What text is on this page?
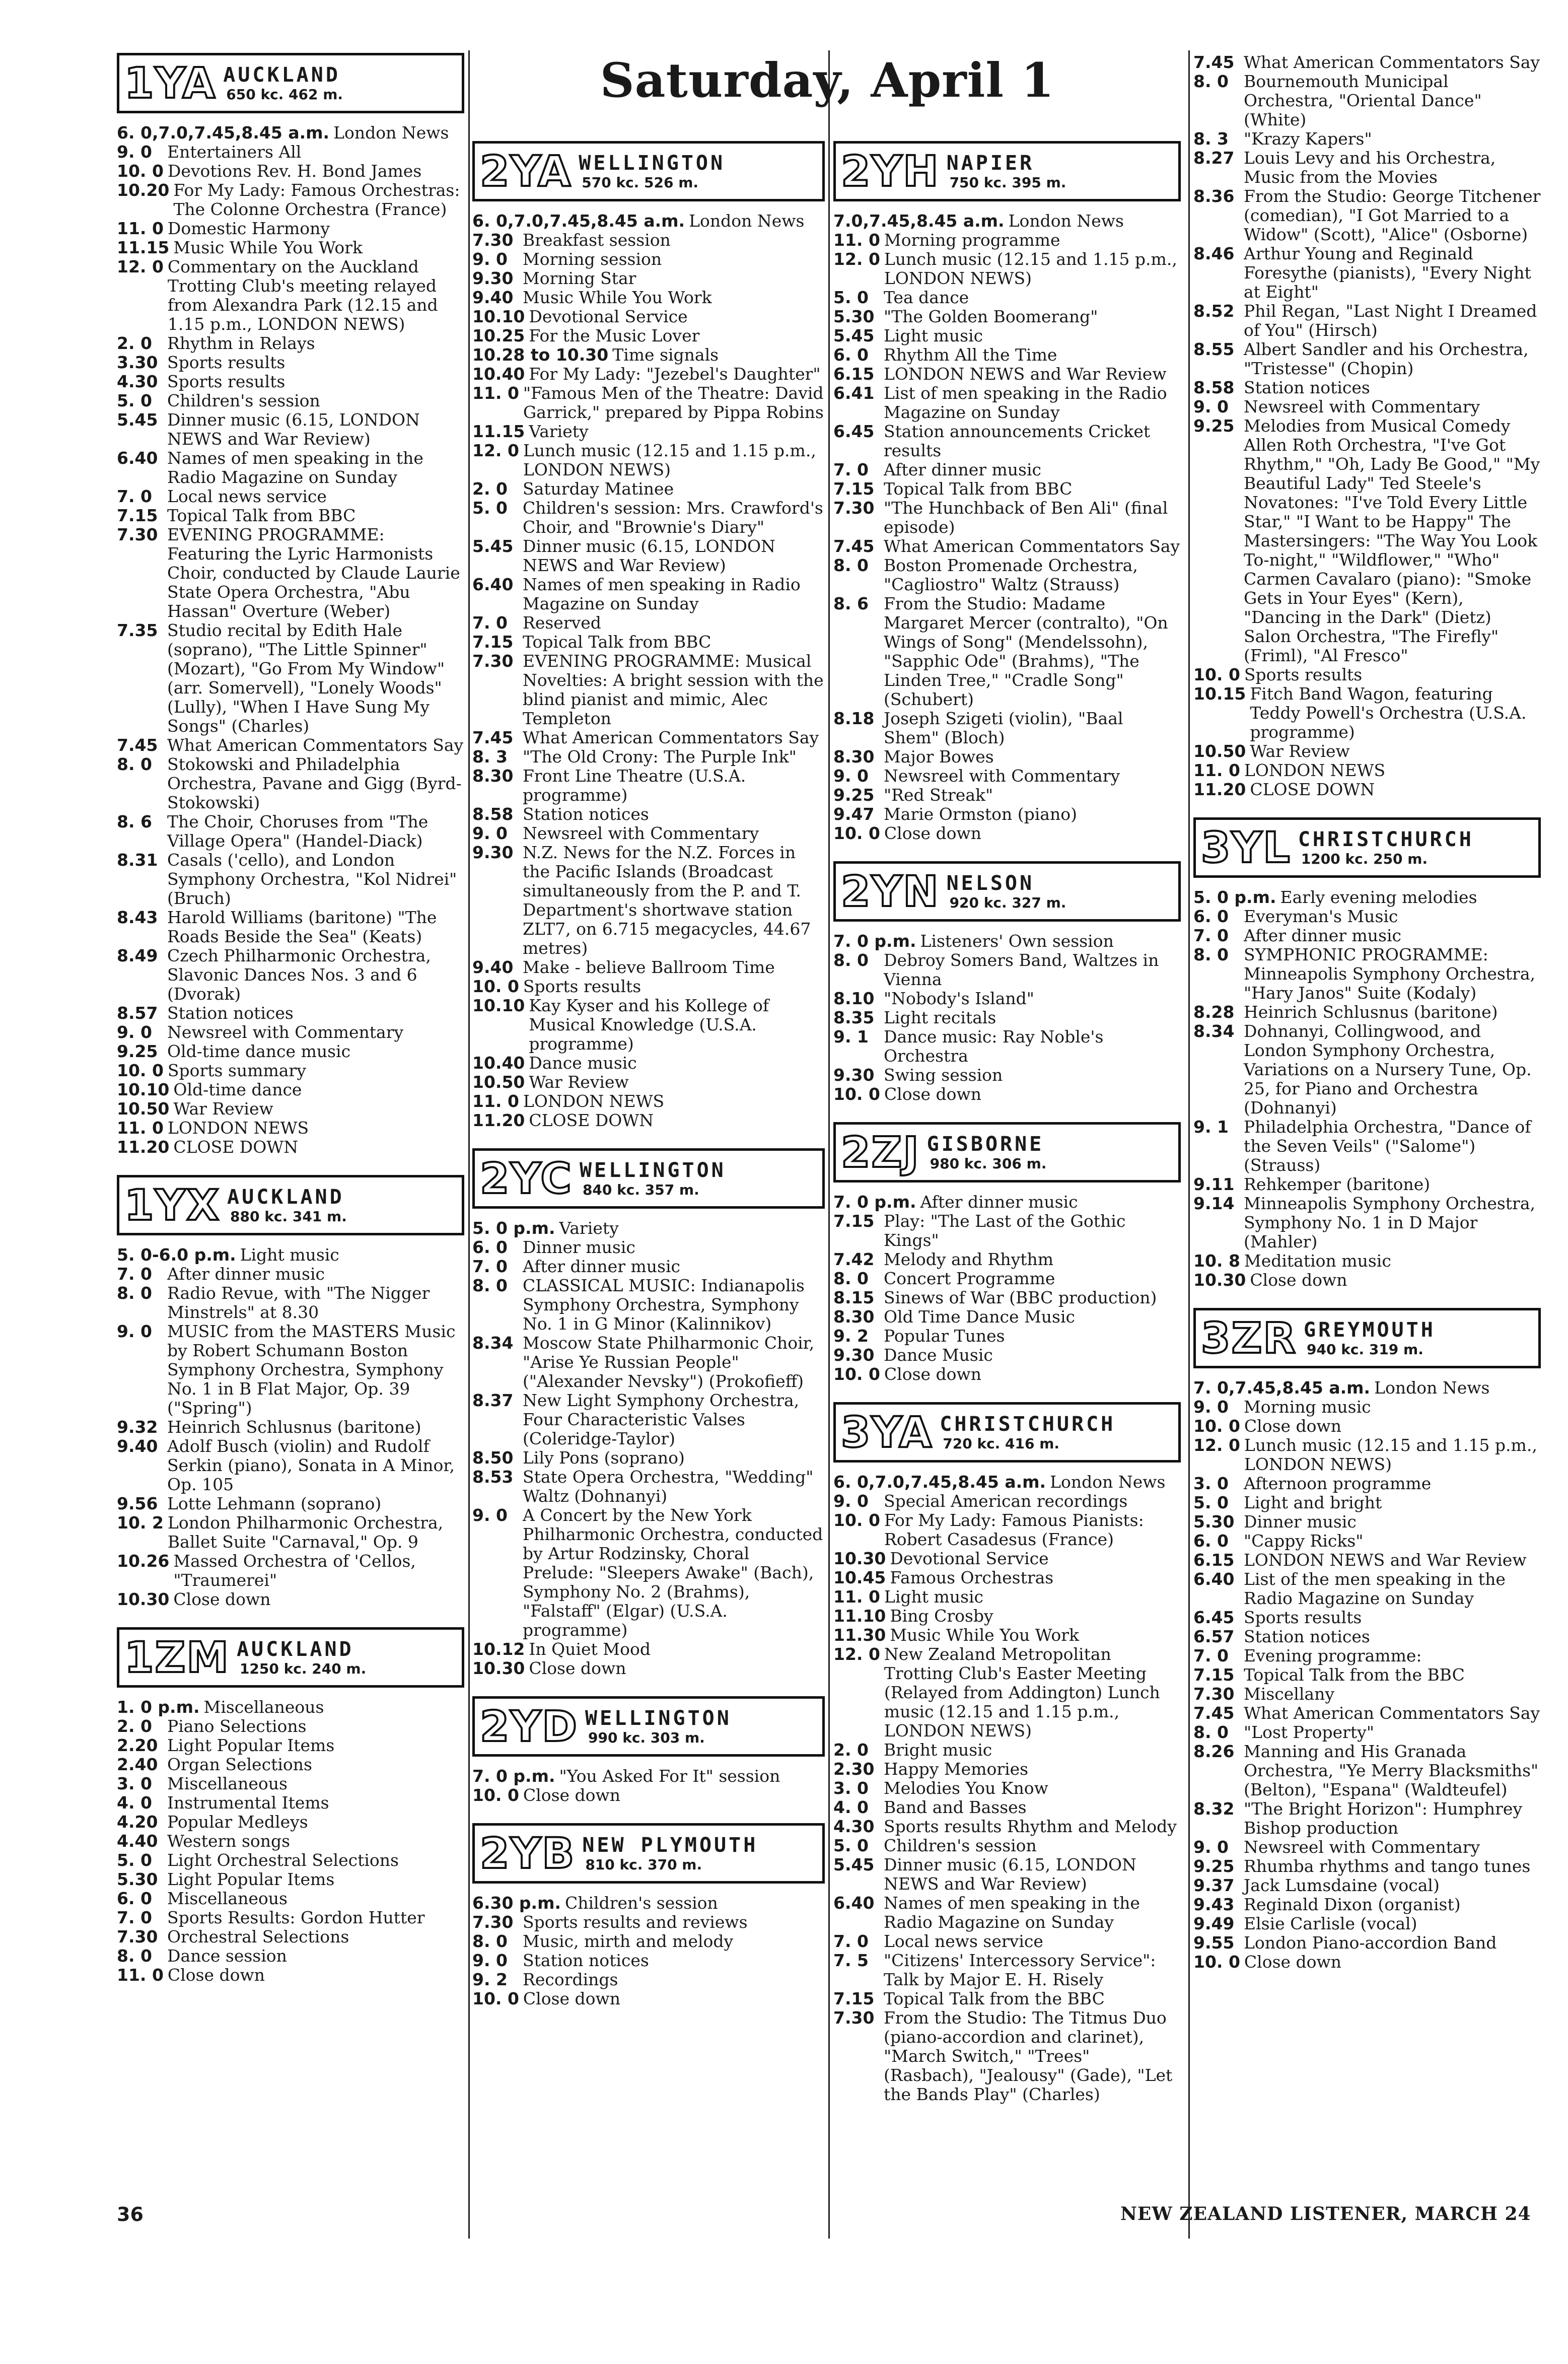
Saturday, April 1
1YA AUCKLAND
650 kc. 462 m.
6. 0,7.0,7.45,8.45 a.m. London News
9. 0 Entertainers All
10. 0 Devotions Rev. H. Bond James
10.20 For My Lady: Famous Orchestras: The Colonne Orchestra (France)
11. 0 Domestic Harmony
11.15 Music While You Work
12. 0 Commentary on the Auckland Trotting Club's meeting relayed from Alexandra Park (12.15 and 1.15 p.m., LONDON NEWS)
2. 0 Rhythm in Relays
3.30 Sports results
4.30 Sports results
5. 0 Children's session
5.45 Dinner music (6.15, LONDON NEWS and War Review)
6.40 Names of men speaking in the Radio Magazine on Sunday
7. 0 Local news service
7.15 Topical Talk from BBC
7.30 EVENING PROGRAMME: Featuring the Lyric Harmonists Choir, conducted by Claude Laurie
State Opera Orchestra, "Abu Hassan" Overture (Weber)
7.35 Studio recital by Edith Hale (soprano), "The Little Spinner" (Mozart), "Go From My Window" (arr. Somervell), "Lonely Woods" (Lully), "When I Have Sung My Songs" (Charles)
7.45 What American Commentators Say
8. 0 Stokowski and Philadelphia Orchestra, Pavane and Gigg (Byrd-Stokowski)
8. 6 The Choir, Choruses from "The Village Opera" (Handel-Diack)
8.31 Casals ('cello), and London Symphony Orchestra, "Kol Nidrei" (Bruch)
8.43 Harold Williams (baritone) "The Roads Beside the Sea" (Keats)
8.49 Czech Philharmonic Orchestra, Slavonic Dances Nos. 3 and 6 (Dvorak)
8.57 Station notices
9. 0 Newsreel with Commentary
9.25 Old-time dance music
10. 0 Sports summary
10.10 Old-time dance
10.50 War Review
11. 0 LONDON NEWS
11.20 CLOSE DOWN
1YX AUCKLAND
880 kc. 341 m.
5. 0-6.0 p.m. Light music
7. 0 After dinner music
8. 0 Radio Revue, with "The Nigger Minstrels" at 8.30
9. 0 MUSIC from the MASTERS Music by Robert Schumann Boston Symphony Orchestra, Symphony No. 1 in B Flat Major, Op. 39 ("Spring")
9.32 Heinrich Schlusnus (baritone)
9.40 Adolf Busch (violin) and Rudolf Serkin (piano), Sonata in A Minor, Op. 105
9.56 Lotte Lehmann (soprano)
10. 2 London Philharmonic Orchestra, Ballet Suite "Carnaval," Op. 9
10.26 Massed Orchestra of 'Cellos, "Traumerei"
10.30 Close down
1ZM AUCKLAND
1250 kc. 240 m.
1. 0 p.m. Miscellaneous
2. 0 Piano Selections
2.20 Light Popular Items
2.40 Organ Selections
3. 0 Miscellaneous
4. 0 Instrumental Items
4.20 Popular Medleys
4.40 Western songs
5. 0 Light Orchestral Selections
5.30 Light Popular Items
6. 0 Miscellaneous
7. 0 Sports Results: Gordon Hutter
7.30 Orchestral Selections
8. 0 Dance session
11. 0 Close down
2YA WELLINGTON
570 kc. 526 m.
6. 0,7.0,7.45,8.45 a.m. London News
7.30 Breakfast session
9. 0 Morning session
9.30 Morning Star
9.40 Music While You Work
10.10 Devotional Service
10.25 For the Music Lover
10.28 to 10.30 Time signals
10.40 For My Lady: "Jezebel's Daughter"
11. 0 "Famous Men of the Theatre: David Garrick," prepared by Pippa Robins
11.15 Variety
12. 0 Lunch music (12.15 and 1.15 p.m., LONDON NEWS)
2. 0 Saturday Matinee
5. 0 Children's session: Mrs. Crawford's Choir, and "Brownie's Diary"
5.45 Dinner music (6.15, LONDON NEWS and War Review)
6.40 Names of men speaking in Radio Magazine on Sunday
7. 0 Reserved
7.15 Topical Talk from BBC
7.30 EVENING PROGRAMME: Musical Novelties: A bright session with the blind pianist and mimic, Alec Templeton
7.45 What American Commentators Say
8. 3 "The Old Crony: The Purple Ink"
8.30 Front Line Theatre (U.S.A. programme)
8.58 Station notices
9. 0 Newsreel with Commentary
9.30 N.Z. News for the N.Z. Forces in the Pacific Islands (Broadcast simultaneously from the P. and T. Department's shortwave station ZLT7, on 6.715 megacycles, 44.67 metres)
9.40 Make - believe Ballroom Time
10. 0 Sports results
10.10 Kay Kyser and his Kollege of Musical Knowledge (U.S.A. programme)
10.40 Dance music
10.50 War Review
11. 0 LONDON NEWS
11.20 CLOSE DOWN
2YC WELLINGTON
840 kc. 357 m.
5. 0 p.m. Variety
6. 0 Dinner music
7. 0 After dinner music
8. 0 CLASSICAL MUSIC: Indianapolis Symphony Orchestra, Symphony No. 1 in G Minor (Kalinnikov)
8.34 Moscow State Philharmonic Choir, "Arise Ye Russian People" ("Alexander Nevsky") (Prokofieff)
8.37 New Light Symphony Orchestra, Four Characteristic Valses (Coleridge-Taylor)
8.50 Lily Pons (soprano)
8.53 State Opera Orchestra, "Wedding" Waltz (Dohnanyi)
9. 0 A Concert by the New York Philharmonic Orchestra, conducted by Artur Rodzinsky, Choral Prelude: "Sleepers Awake" (Bach), Symphony No. 2 (Brahms), "Falstaff" (Elgar) (U.S.A. programme)
10.12 In Quiet Mood
10.30 Close down
2YD WELLINGTON
990 kc. 303 m.
7. 0 p.m. "You Asked For It" session
10. 0 Close down
2YB NEW PLYMOUTH
810 kc. 370 m.
6.30 p.m. Children's session
7.30 Sports results and reviews
8. 0 Music, mirth and melody
9. 0 Station notices
9. 2 Recordings
10. 0 Close down
2YH NAPIER
750 kc. 395 m.
7.0,7.45,8.45 a.m. London News
11. 0 Morning programme
12. 0 Lunch music (12.15 and 1.15 p.m., LONDON NEWS)
5. 0 Tea dance
5.30 "The Golden Boomerang"
5.45 Light music
6. 0 Rhythm All the Time
6.15 LONDON NEWS and War Review
6.41 List of men speaking in the Radio Magazine on Sunday
6.45 Station announcements Cricket results
7. 0 After dinner music
7.15 Topical Talk from BBC
7.30 "The Hunchback of Ben Ali" (final episode)
7.45 What American Commentators Say
8. 0 Boston Promenade Orchestra, "Cagliostro" Waltz (Strauss)
8. 6 From the Studio: Madame Margaret Mercer (contralto), "On Wings of Song" (Mendelssohn), "Sapphic Ode" (Brahms), "The Linden Tree," "Cradle Song" (Schubert)
8.18 Joseph Szigeti (violin), "Baal Shem" (Bloch)
8.30 Major Bowes
9. 0 Newsreel with Commentary
9.25 "Red Streak"
9.47 Marie Ormston (piano)
10. 0 Close down
2YN NELSON
920 kc. 327 m.
7. 0 p.m. Listeners' Own session
8. 0 Debroy Somers Band, Waltzes in Vienna
8.10 "Nobody's Island"
8.35 Light recitals
9. 1 Dance music: Ray Noble's Orchestra
9.30 Swing session
10. 0 Close down
2ZJ GISBORNE
980 kc. 306 m.
7. 0 p.m. After dinner music
7.15 Play: "The Last of the Gothic Kings"
7.42 Melody and Rhythm
8. 0 Concert Programme
8.15 Sinews of War (BBC production)
8.30 Old Time Dance Music
9. 2 Popular Tunes
9.30 Dance Music
10. 0 Close down
3YA CHRISTCHURCH
720 kc. 416 m.
6. 0,7.0,7.45,8.45 a.m. London News
9. 0 Special American recordings
10. 0 For My Lady: Famous Pianists: Robert Casadesus (France)
10.30 Devotional Service
10.45 Famous Orchestras
11. 0 Light music
11.10 Bing Crosby
11.30 Music While You Work
12. 0 New Zealand Metropolitan Trotting Club's Easter Meeting (Relayed from Addington) Lunch music (12.15 and 1.15 p.m., LONDON NEWS)
2. 0 Bright music
2.30 Happy Memories
3. 0 Melodies You Know
4. 0 Band and Basses
4.30 Sports results Rhythm and Melody
5. 0 Children's session
5.45 Dinner music (6.15, LONDON NEWS and War Review)
6.40 Names of men speaking in the Radio Magazine on Sunday
7. 0 Local news service
7. 5 "Citizens' Intercessory Service": Talk by Major E. H. Risely
7.15 Topical Talk from the BBC
7.30 From the Studio: The Titmus Duo (piano-accordion and clarinet), "March Switch," "Trees" (Rasbach), "Jealousy" (Gade), "Let the Bands Play" (Charles)
7.45 What American Commentators Say
8. 0 Bournemouth Municipal Orchestra, "Oriental Dance" (White)
8. 3 "Krazy Kapers"
8.27 Louis Levy and his Orchestra, Music from the Movies
8.36 From the Studio: George Titchener (comedian), "I Got Married to a Widow" (Scott), "Alice" (Osborne)
8.46 Arthur Young and Reginald Foresythe (pianists), "Every Night at Eight"
8.52 Phil Regan, "Last Night I Dreamed of You" (Hirsch)
8.55 Albert Sandler and his Orchestra, "Tristesse" (Chopin)
8.58 Station notices
9. 0 Newsreel with Commentary
9.25 Melodies from Musical Comedy Allen Roth Orchestra, "I've Got Rhythm," "Oh, Lady Be Good," "My Beautiful Lady" Ted Steele's Novatones: "I've Told Every Little Star," "I Want to be Happy" The Mastersingers: "The Way You Look To-night," "Wildflower," "Who" Carmen Cavalaro (piano): "Smoke Gets in Your Eyes" (Kern), "Dancing in the Dark" (Dietz) Salon Orchestra, "The Firefly" (Friml), "Al Fresco"
10. 0 Sports results
10.15 Fitch Band Wagon, featuring Teddy Powell's Orchestra (U.S.A. programme)
10.50 War Review
11. 0 LONDON NEWS
11.20 CLOSE DOWN
3YL CHRISTCHURCH
1200 kc. 250 m.
5. 0 p.m. Early evening melodies
6. 0 Everyman's Music
7. 0 After dinner music
8. 0 SYMPHONIC PROGRAMME: Minneapolis Symphony Orchestra, "Hary Janos" Suite (Kodaly)
8.28 Heinrich Schlusnus (baritone)
8.34 Dohnanyi, Collingwood, and London Symphony Orchestra, Variations on a Nursery Tune, Op. 25, for Piano and Orchestra (Dohnanyi)
9. 1 Philadelphia Orchestra, "Dance of the Seven Veils" ("Salome") (Strauss)
9.11 Rehkemper (baritone)
9.14 Minneapolis Symphony Orchestra, Symphony No. 1 in D Major (Mahler)
10. 8 Meditation music
10.30 Close down
3ZR GREYMOUTH
940 kc. 319 m.
7. 0,7.45,8.45 a.m. London News
9. 0 Morning music
10. 0 Close down
12. 0 Lunch music (12.15 and 1.15 p.m., LONDON NEWS)
3. 0 Afternoon programme
5. 0 Light and bright
5.30 Dinner music
6. 0 "Cappy Ricks"
6.15 LONDON NEWS and War Review
6.40 List of the men speaking in the Radio Magazine on Sunday
6.45 Sports results
6.57 Station notices
7. 0 Evening programme:
7.15 Topical Talk from the BBC
7.30 Miscellany
7.45 What American Commentators Say
8. 0 "Lost Property"
8.26 Manning and His Granada Orchestra, "Ye Merry Blacksmiths" (Belton), "Espana" (Waldteufel)
8.32 "The Bright Horizon": Humphrey Bishop production
9. 0 Newsreel with Commentary
9.25 Rhumba rhythms and tango tunes
9.37 Jack Lumsdaine (vocal)
9.43 Reginald Dixon (organist)
9.49 Elsie Carlisle (vocal)
9.55 London Piano-accordion Band
10. 0 Close down
36	NEW ZEALAND LISTENER, MARCH 24
